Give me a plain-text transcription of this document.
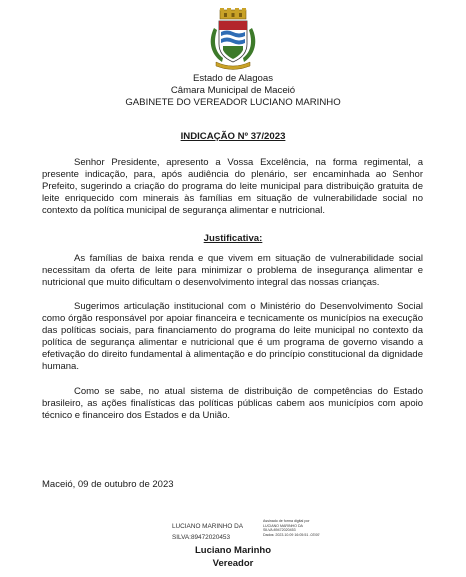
Estado de Alagoas
Câmara Municipal de Maceió
GABINETE DO VEREADOR LUCIANO MARINHO
INDICAÇÃO Nº 37/2023

Senhor Presidente, apresento a Vossa Excelência, na forma regimental, a presente indicação, para, após audiência do plenário, ser encaminhada ao Senhor Prefeito, sugerindo a criação do programa do leite municipal para distribuição gratuita de leite enriquecido com minerais às famílias em situação de vulnerabilidade social no contexto da política municipal de segurança alimentar e nutricional.

Justificativa:

As famílias de baixa renda e que vivem em situação de vulnerabilidade social necessitam da oferta de leite para minimizar o problema de insegurança alimentar e nutricional que muito dificultam o desenvolvimento integral das nossas crianças.

Sugerimos articulação institucional com o Ministério do Desenvolvimento Social como órgão responsável por apoiar financeira e tecnicamente os municípios na execução das políticas sociais, para financiamento do programa do leite municipal no contexto da política de segurança alimentar e nutricional que é um programa de governo visando a efetivação do direito fundamental à alimentação e do princípio constitucional da dignidade humana.

Como se sabe, no atual sistema de distribuição de competências do Estado brasileiro, as ações finalísticas das políticas públicas cabem aos municípios com apoio técnico e financeiro dos Estados e da União.

Maceió, 09 de outubro de 2023
LUCIANO MARINHO DA
SILVA:89472020453
Assinado de forma digital por
LUCIANO MARINHO DA
SILVA:89472020453
Dados: 2023.10.09 16:05:51 -03'00'
Luciano Marinho
Vereador
